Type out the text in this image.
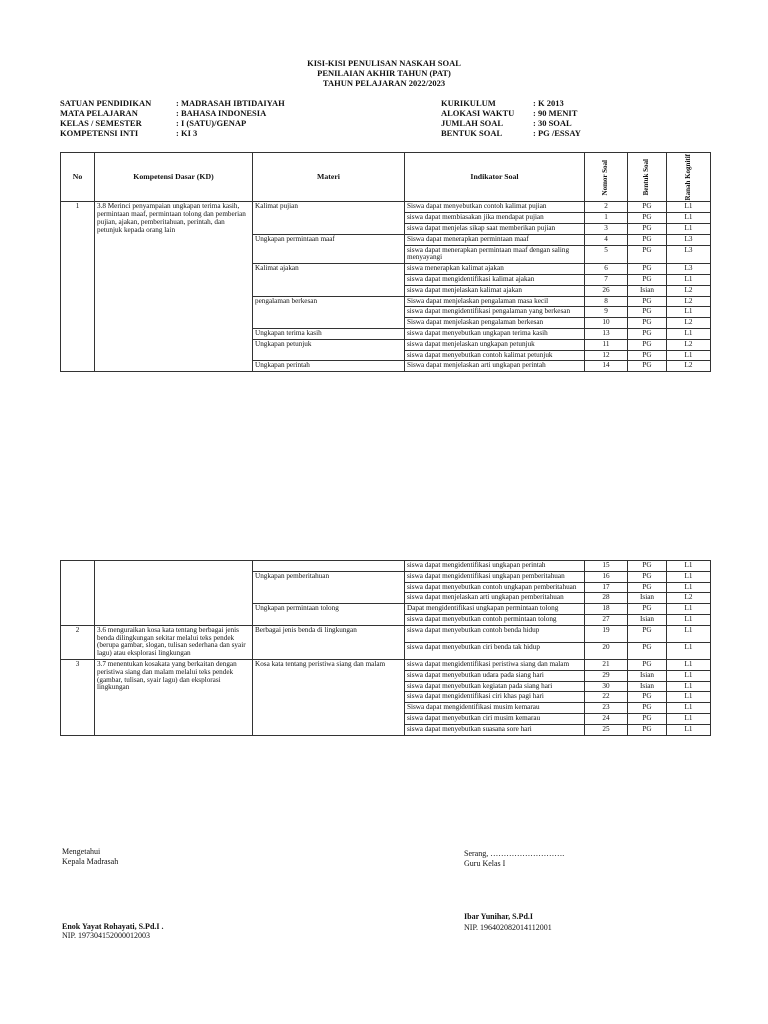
KISI-KISI PENULISAN NASKAH SOAL
PENILAIAN AKHIR TAHUN (PAT)
TAHUN PELAJARAN 2022/2023
SATUAN PENDIDIKAN	: MADRASAH IBTIDAIYAH
MATA PELAJARAN	: BAHASA INDONESIA
KELAS / SEMESTER	: I (SATU)/GENAP
KOMPETENSI INTI	: KI 3
KURIKULUM	: K 2013
ALOKASI WAKTU	: 90 MENIT
JUMLAH SOAL	: 30 SOAL
BENTUK SOAL	: PG /ESSAY
No	Kompetensi Dasar (KD)	Materi	Indikator Soal	Nomor Soal	Bentuk Soal	Ranah Kognitif

1	3.8 Merinci penyampaian ungkapan terima kasih, permintaan maaf, permintaan tolong dan pemberian pujian, ajakan, pemberitahuan, perintah, dan petunjuk kepada orang lain	Kalimat pujian	Siswa dapat menyebutkan contoh kalimat pujian	2	PG	L1
			siswa dapat membiasakan jika mendapat pujian	1	PG	L1
			siswa dapat menjelas sikap saat memberikan pujian	3	PG	L1
		Ungkapan permintaan maaf	Siswa dapat menerapkan permintaan maaf	4	PG	L3
			siswa dapat menerapkan permintaan maaf dengan saling menyayangi	5	PG	L3
		Kalimat ajakan	siswa menerapkan kalimat ajakan	6	PG	L3
			siswa dapat mengidentifikasi kalimat ajakan	7	PG	L1
			siswa dapat menjelaskan kalimat ajakan	26	Isian	L2
		pengalaman berkesan	Siswa dapat menjelaskan pengalaman masa kecil	8	PG	L2
			siswa dapat mengidentifikasi pengalaman yang berkesan	9	PG	L1
			Siswa dapat menjelaskan pengalaman berkesan	10	PG	L2
		Ungkapan terima kasih	siswa dapat menyebutkan ungkapan terima kasih	13	PG	L1
		Ungkapan petunjuk	siswa dapat menjelaskan ungkapan petunjuk	11	PG	L2
			siswa dapat menyebutkan contoh kalimat petunjuk	12	PG	L1
		Ungkapan perintah	Siswa dapat menjelaskan arti ungkapan perintah	14	PG	L2
			siswa dapat mengidentifikasi ungkapan perintah	15	PG	L1
		Ungkapan pemberitahuan	siswa dapat mengidentifikasi ungkapan pemberitahuan	16	PG	L1
			siswa dapat menyebutkan contoh ungkapan pemberitahuan	17	PG	L1
			siswa dapat menjelaskan arti ungkapan pemberitahuan	28	Isian	L2
		Ungkapan permintaan tolong	Dapat mengidentifikasi ungkapan permintaan tolong	18	PG	L1
			siswa dapat menyebutkan contoh permintaan tolong	27	Isian	L1
2	3.6 menguraikan kosa kata tentang berbagai jenis benda dilingkungan sekitar melalui teks pendek (berupa gambar, slogan, tulisan sederhana dan syair lagu) atau eksplorasi lingkungan	Berbagai jenis benda di lingkungan	siswa dapat menyebutkan contoh benda hidup	19	PG	L1
			siswa dapat menyebutkan ciri benda tak hidup	20	PG	L1
3	3.7 menentukan kosakata yang berkaitan dengan peristiwa siang dan malam melalui teks pendek (gambar, tulisan, syair lagu) dan eksplorasi lingkungan	Kosa kata tentang peristiwa siang dan malam	siswa dapat mengidentifikasi peristiwa siang dan malam	21	PG	L1
			siswa dapat menyebutkan udara pada siang hari	29	Isian	L1
			siswa dapat menyebutkan kegiatan pada siang hari	30	Isian	L1
			siswa dapat mengidentifikasi ciri khas pagi hari	22	PG	L1
			Siswa dapat mengidentifikasi musim kemarau	23	PG	L1
			siswa dapat menyebutkan ciri musim kemarau	24	PG	L1
			siswa dapat menyebutkan suasana sore hari	25	PG	L1
Mengetahui
Kepala Madrasah
Enok Yayat Rohayati, S.Pd.I .
NIP. 197304152000012003
Serang, ……………………….
Guru Kelas I
Ibar Yunihar, S.Pd.I
NIP. 196402082014112001
